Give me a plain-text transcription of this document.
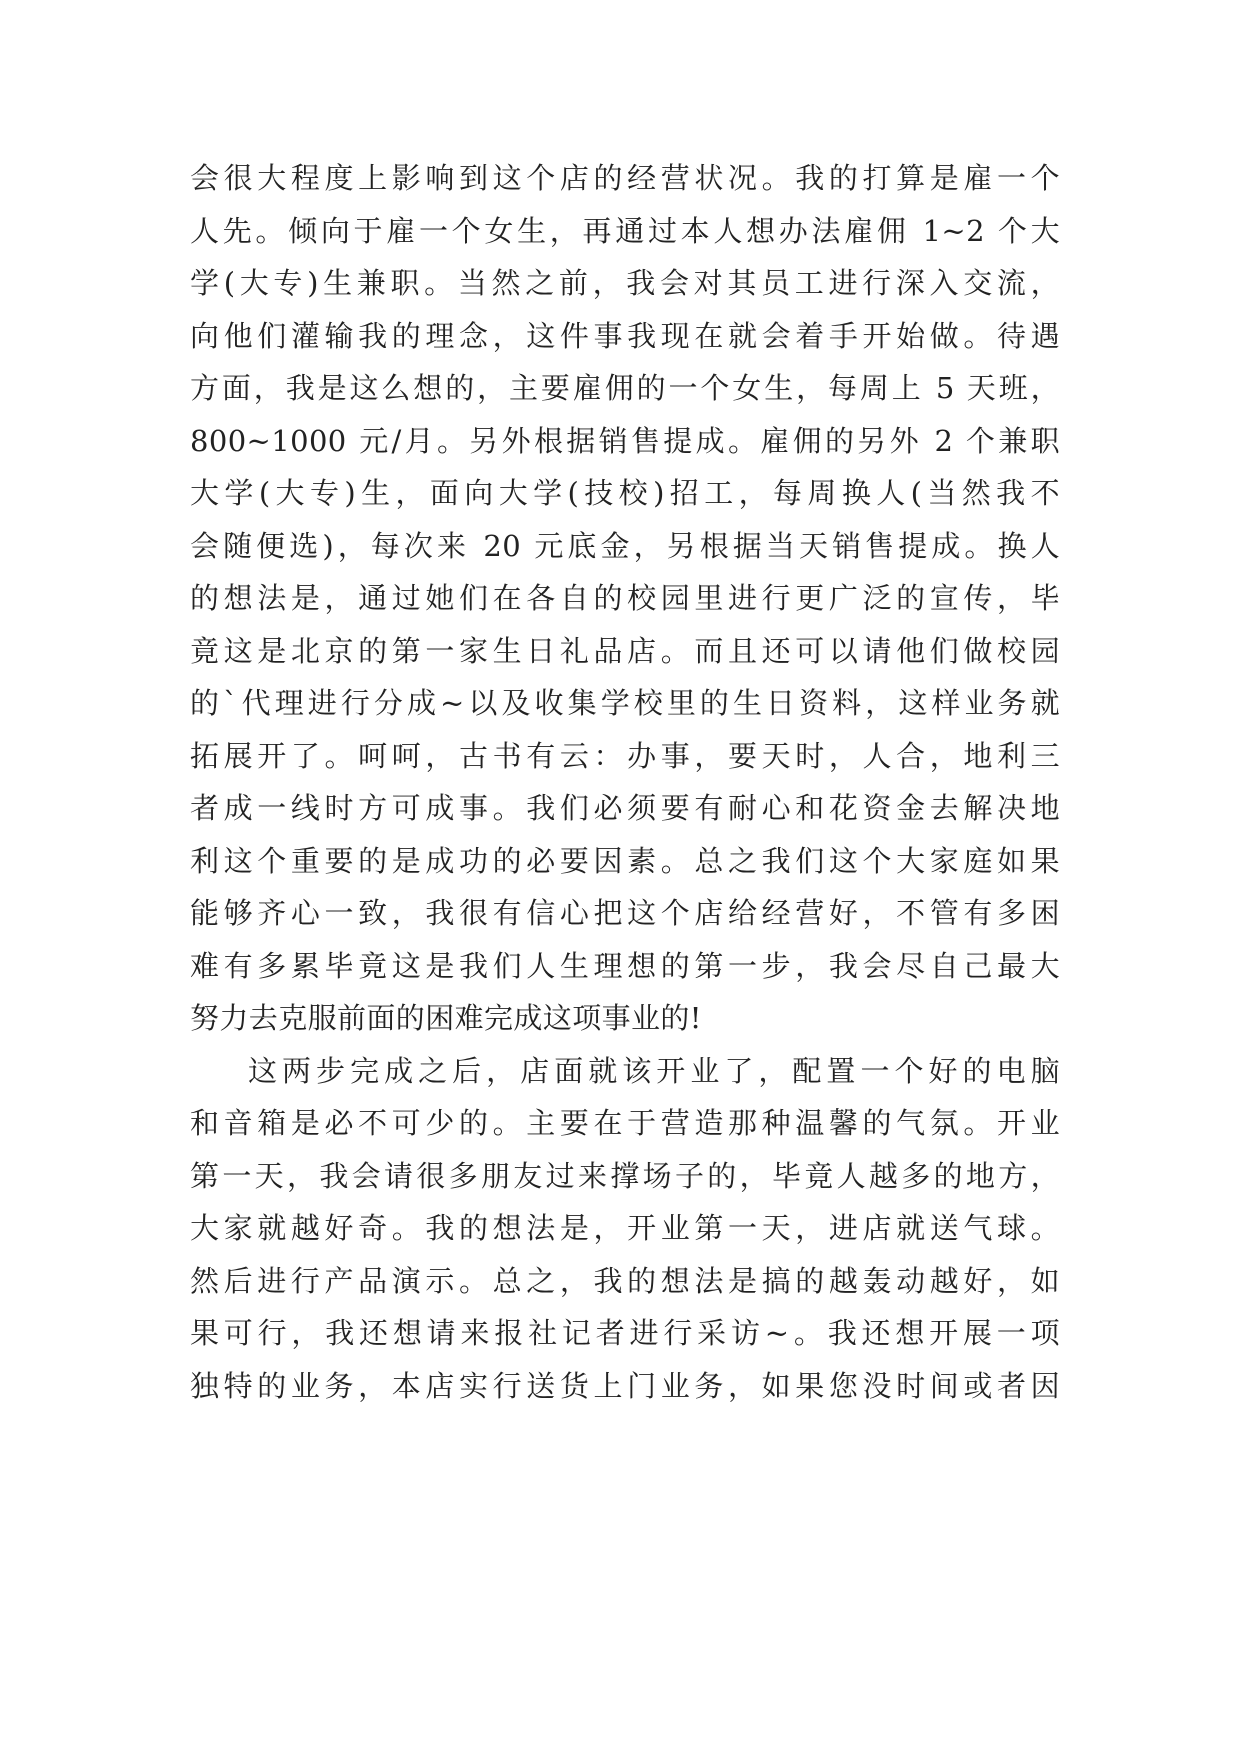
会很大程度上影响到这个店的经营状况。我的打算是雇一个
人先。倾向于雇一个女生，再通过本人想办法雇佣 1~2 个大
学(大专)生兼职。当然之前，我会对其员工进行深入交流，
向他们灌输我的理念，这件事我现在就会着手开始做。待遇
方面，我是这么想的，主要雇佣的一个女生，每周上 5 天班，
800~1000 元/月。另外根据销售提成。雇佣的另外 2 个兼职
大学(大专)生，面向大学(技校)招工，每周换人(当然我不
会随便选)，每次来 20 元底金，另根据当天销售提成。换人
的想法是，通过她们在各自的校园里进行更广泛的宣传，毕
竟这是北京的第一家生日礼品店。而且还可以请他们做校园
的`代理进行分成~以及收集学校里的生日资料，这样业务就
拓展开了。呵呵，古书有云：办事，要天时，人合，地利三
者成一线时方可成事。我们必须要有耐心和花资金去解决地
利这个重要的是成功的必要因素。总之我们这个大家庭如果
能够齐心一致，我很有信心把这个店给经营好，不管有多困
难有多累毕竟这是我们人生理想的第一步，我会尽自己最大
努力去克服前面的困难完成这项事业的!
这两步完成之后，店面就该开业了，配置一个好的电脑
和音箱是必不可少的。主要在于营造那种温馨的气氛。开业
第一天，我会请很多朋友过来撑场子的，毕竟人越多的地方，
大家就越好奇。我的想法是，开业第一天，进店就送气球。
然后进行产品演示。总之，我的想法是搞的越轰动越好，如
果可行，我还想请来报社记者进行采访~。我还想开展一项
独特的业务，本店实行送货上门业务，如果您没时间或者因
